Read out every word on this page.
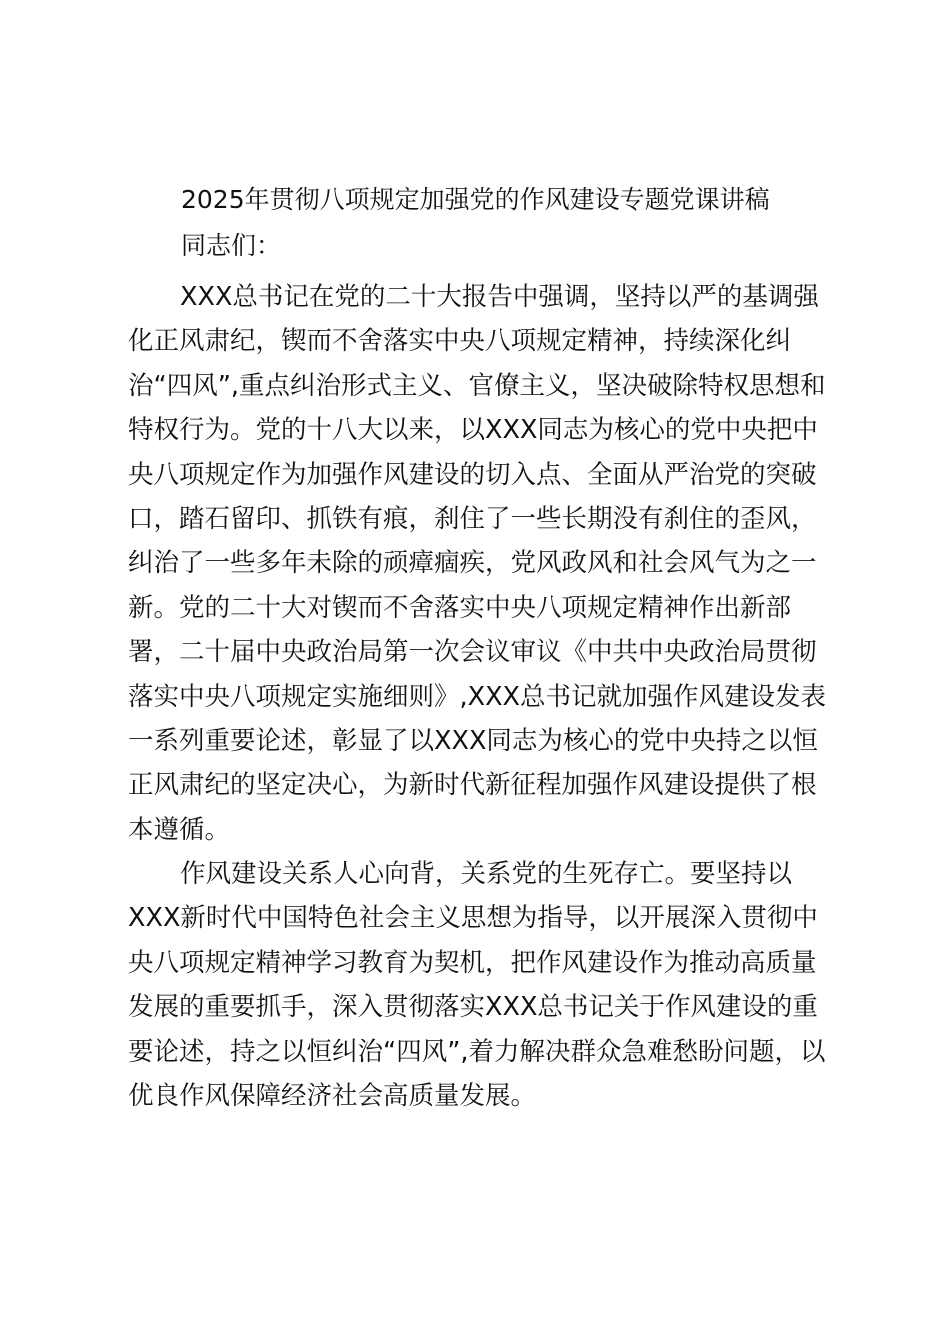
2025年贯彻八项规定加强党的作风建设专题党课讲稿

同志们：

XXX总书记在党的二十大报告中强调，坚持以严的基调强
化正风肃纪，锲而不舍落实中央八项规定精神，持续深化纠
治“四风”,重点纠治形式主义、官僚主义，坚决破除特权思想和
特权行为。党的十八大以来，以XXX同志为核心的党中央把中
央八项规定作为加强作风建设的切入点、全面从严治党的突破
口，踏石留印、抓铁有痕，刹住了一些长期没有刹住的歪风，
纠治了一些多年未除的顽瘴痼疾，党风政风和社会风气为之一
新。党的二十大对锲而不舍落实中央八项规定精神作出新部
署，二十届中央政治局第一次会议审议《中共中央政治局贯彻
落实中央八项规定实施细则》,XXX总书记就加强作风建设发表
一系列重要论述，彰显了以XXX同志为核心的党中央持之以恒
正风肃纪的坚定决心，为新时代新征程加强作风建设提供了根
本遵循。
作风建设关系人心向背，关系党的生死存亡。要坚持以
XXX新时代中国特色社会主义思想为指导，以开展深入贯彻中
央八项规定精神学习教育为契机，把作风建设作为推动高质量
发展的重要抓手，深入贯彻落实XXX总书记关于作风建设的重
要论述，持之以恒纠治“四风”,着力解决群众急难愁盼问题，以
优良作风保障经济社会高质量发展。
